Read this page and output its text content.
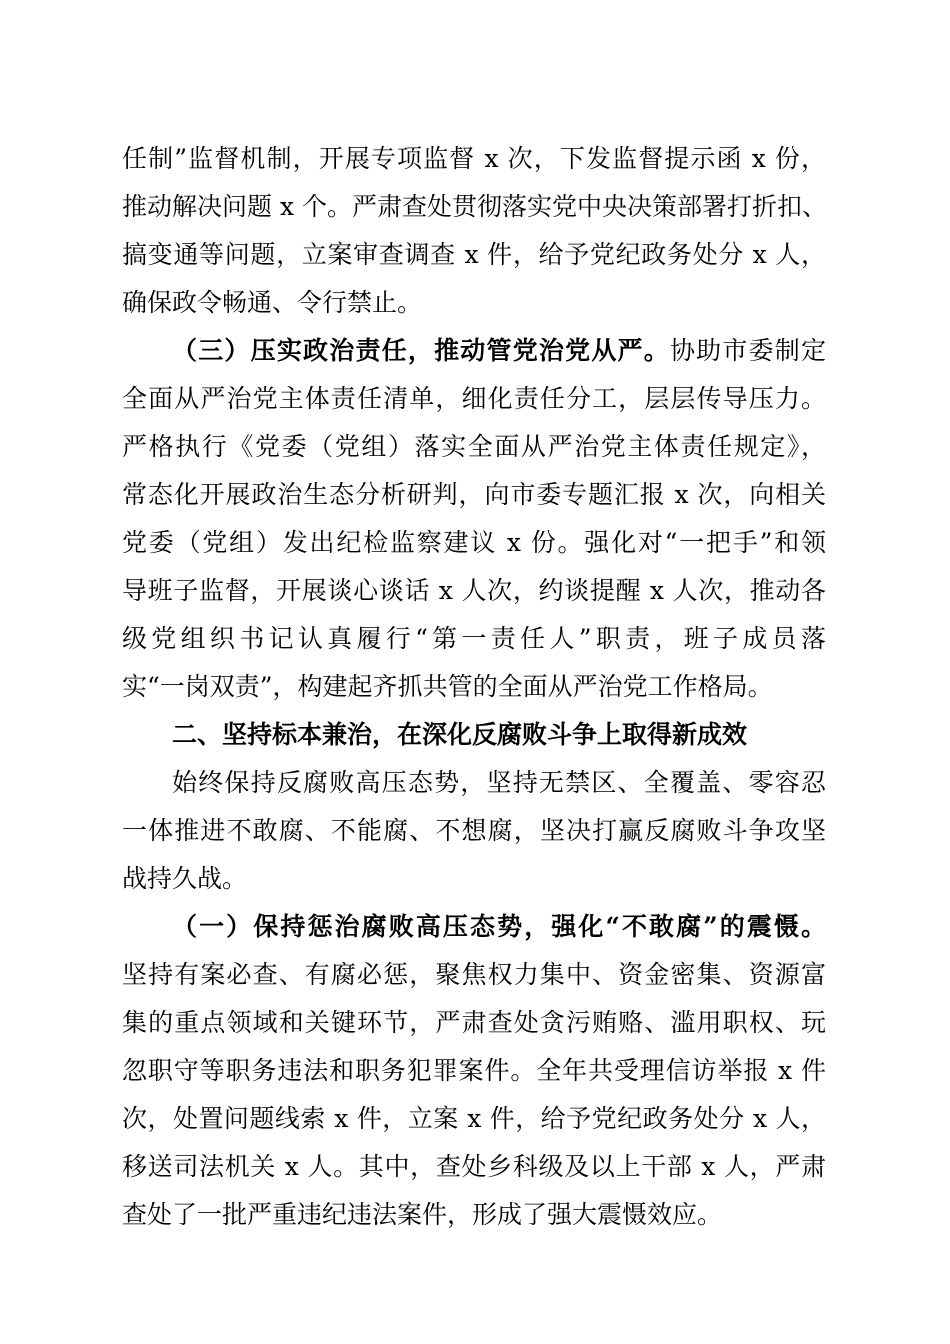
任制”监督机制，开展专项监督 x 次，下发监督提示函 x 份，
推动解决问题 x 个。严肃查处贯彻落实党中央决策部署打折扣、
搞变通等问题，立案审查调查 x 件，给予党纪政务处分 x 人，
确保政令畅通、令行禁止。
（三）压实政治责任，推动管党治党从严。协助市委制定
全面从严治党主体责任清单，细化责任分工，层层传导压力。
严格执行《党委（党组）落实全面从严治党主体责任规定》，
常态化开展政治生态分析研判，向市委专题汇报 x 次，向相关
党委（党组）发出纪检监察建议 x 份。强化对“一把手”和领
导班子监督，开展谈心谈话 x 人次，约谈提醒 x 人次，推动各
级党组织书记认真履行“第一责任人”职责，班子成员落
实“一岗双责”，构建起齐抓共管的全面从严治党工作格局。
二、坚持标本兼治，在深化反腐败斗争上取得新成效
始终保持反腐败高压态势，坚持无禁区、全覆盖、零容忍
一体推进不敢腐、不能腐、不想腐，坚决打赢反腐败斗争攻坚
战持久战。
（一）保持惩治腐败高压态势，强化“不敢腐”的震慑。
坚持有案必查、有腐必惩，聚焦权力集中、资金密集、资源富
集的重点领域和关键环节，严肃查处贪污贿赂、滥用职权、玩
忽职守等职务违法和职务犯罪案件。全年共受理信访举报 x 件
次，处置问题线索 x 件，立案 x 件，给予党纪政务处分 x 人，
移送司法机关 x 人。其中，查处乡科级及以上干部 x 人，严肃
查处了一批严重违纪违法案件，形成了强大震慑效应。
